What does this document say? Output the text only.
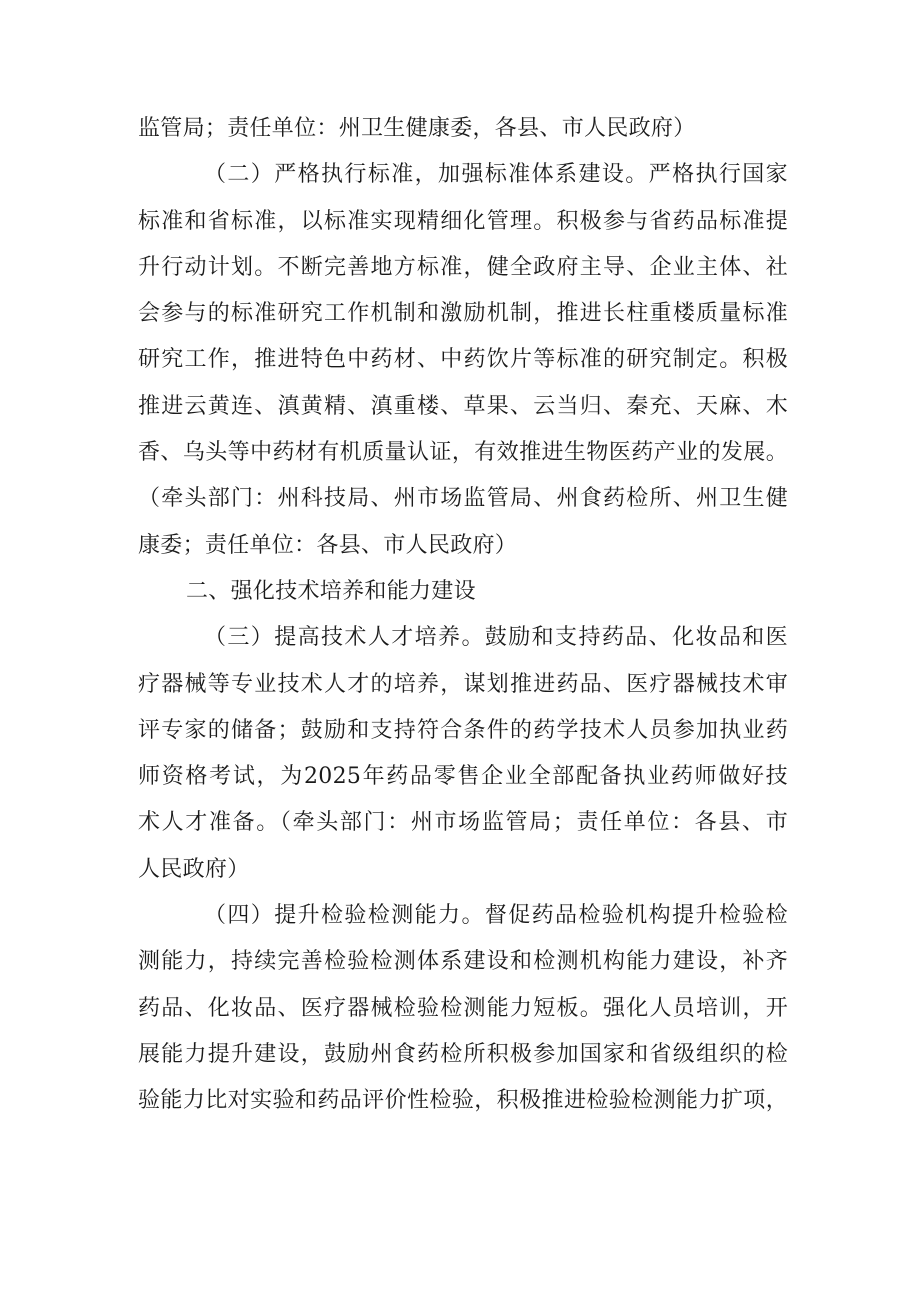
监管局；责任单位：州卫生健康委，各县、市人民政府）
（二）严格执行标准，加强标准体系建设。严格执行国家
标准和省标准，以标准实现精细化管理。积极参与省药品标准提
升行动计划。不断完善地方标准，健全政府主导、企业主体、社
会参与的标准研究工作机制和激励机制，推进长柱重楼质量标准
研究工作，推进特色中药材、中药饮片等标准的研究制定。积极
推进云黄连、滇黄精、滇重楼、草果、云当归、秦充、天麻、木
香、乌头等中药材有机质量认证，有效推进生物医药产业的发展。
（牵头部门：州科技局、州市场监管局、州食药检所、州卫生健
康委；责任单位：各县、市人民政府）
二、强化技术培养和能力建设
（三）提高技术人才培养。鼓励和支持药品、化妆品和医
疗器械等专业技术人才的培养，谋划推进药品、医疗器械技术审
评专家的储备；鼓励和支持符合条件的药学技术人员参加执业药
师资格考试，为2025年药品零售企业全部配备执业药师做好技
术人才准备。（牵头部门：州市场监管局；责任单位：各县、市
人民政府）
（四）提升检验检测能力。督促药品检验机构提升检验检
测能力，持续完善检验检测体系建设和检测机构能力建设，补齐
药品、化妆品、医疗器械检验检测能力短板。强化人员培训，开
展能力提升建设，鼓励州食药检所积极参加国家和省级组织的检
验能力比对实验和药品评价性检验，积极推进检验检测能力扩项，
